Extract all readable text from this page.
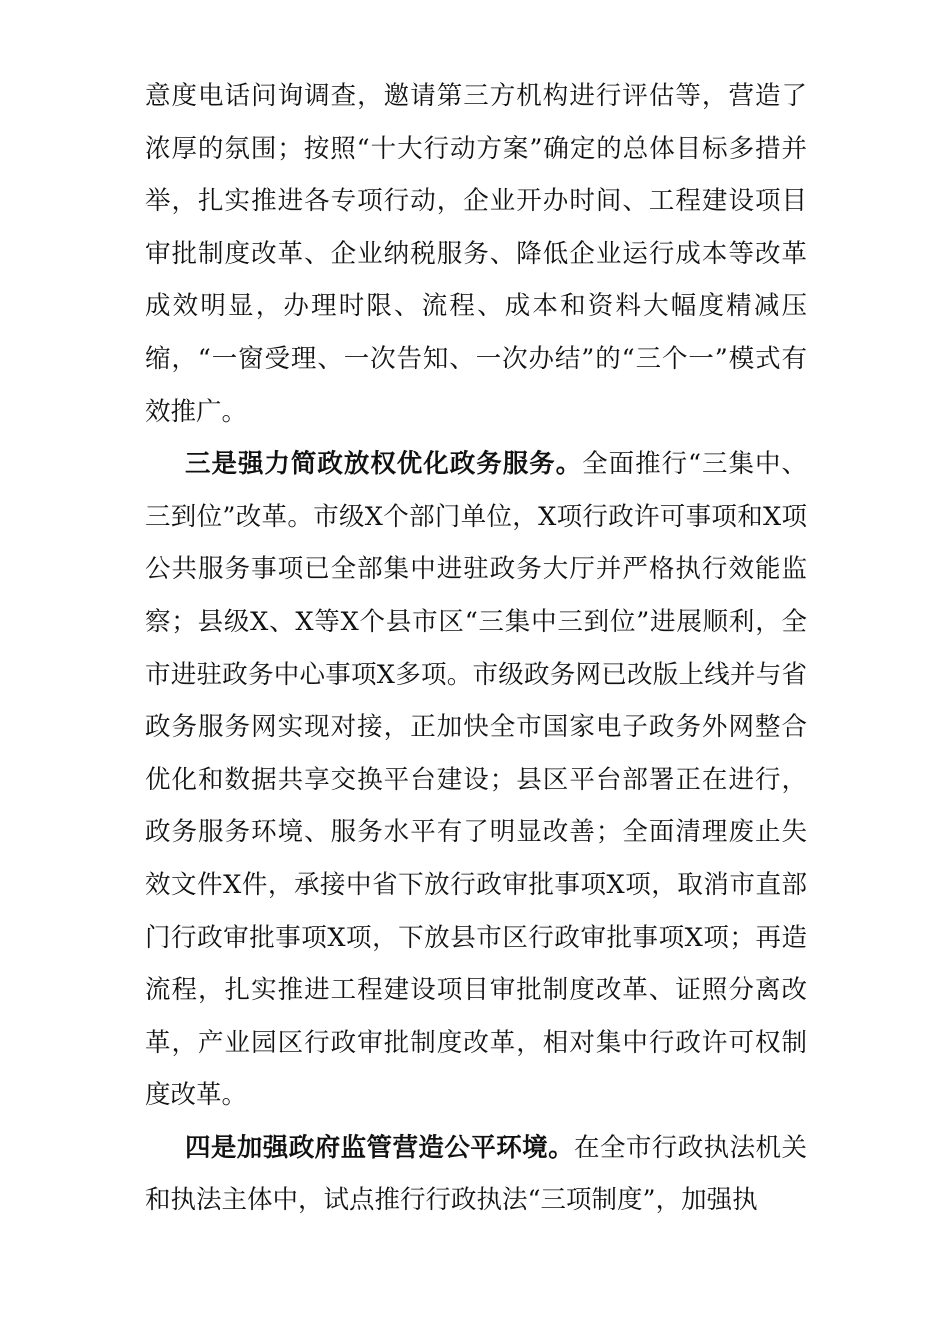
意度电话问询调查，邀请第三方机构进行评估等，营造了浓厚的氛围；按照“十大行动方案”确定的总体目标多措并举，扎实推进各专项行动，企业开办时间、工程建设项目审批制度改革、企业纳税服务、降低企业运行成本等改革成效明显，办理时限、流程、成本和资料大幅度精减压缩，“一窗受理、一次告知、一次办结”的“三个一”模式有效推广。

三是强力简政放权优化政务服务。全面推行“三集中、三到位”改革。市级X个部门单位，X项行政许可事项和X项公共服务事项已全部集中进驻政务大厅并严格执行效能监察；县级X、X等X个县市区“三集中三到位”进展顺利，全市进驻政务中心事项X多项。市级政务网已改版上线并与省政务服务网实现对接，正加快全市国家电子政务外网整合优化和数据共享交换平台建设；县区平台部署正在进行，政务服务环境、服务水平有了明显改善；全面清理废止失效文件X件，承接中省下放行政审批事项X项，取消市直部门行政审批事项X项，下放县市区行政审批事项X项；再造流程，扎实推进工程建设项目审批制度改革、证照分离改革，产业园区行政审批制度改革，相对集中行政许可权制度改革。

四是加强政府监管营造公平环境。在全市行政执法机关和执法主体中，试点推行行政执法“三项制度”，加强执
